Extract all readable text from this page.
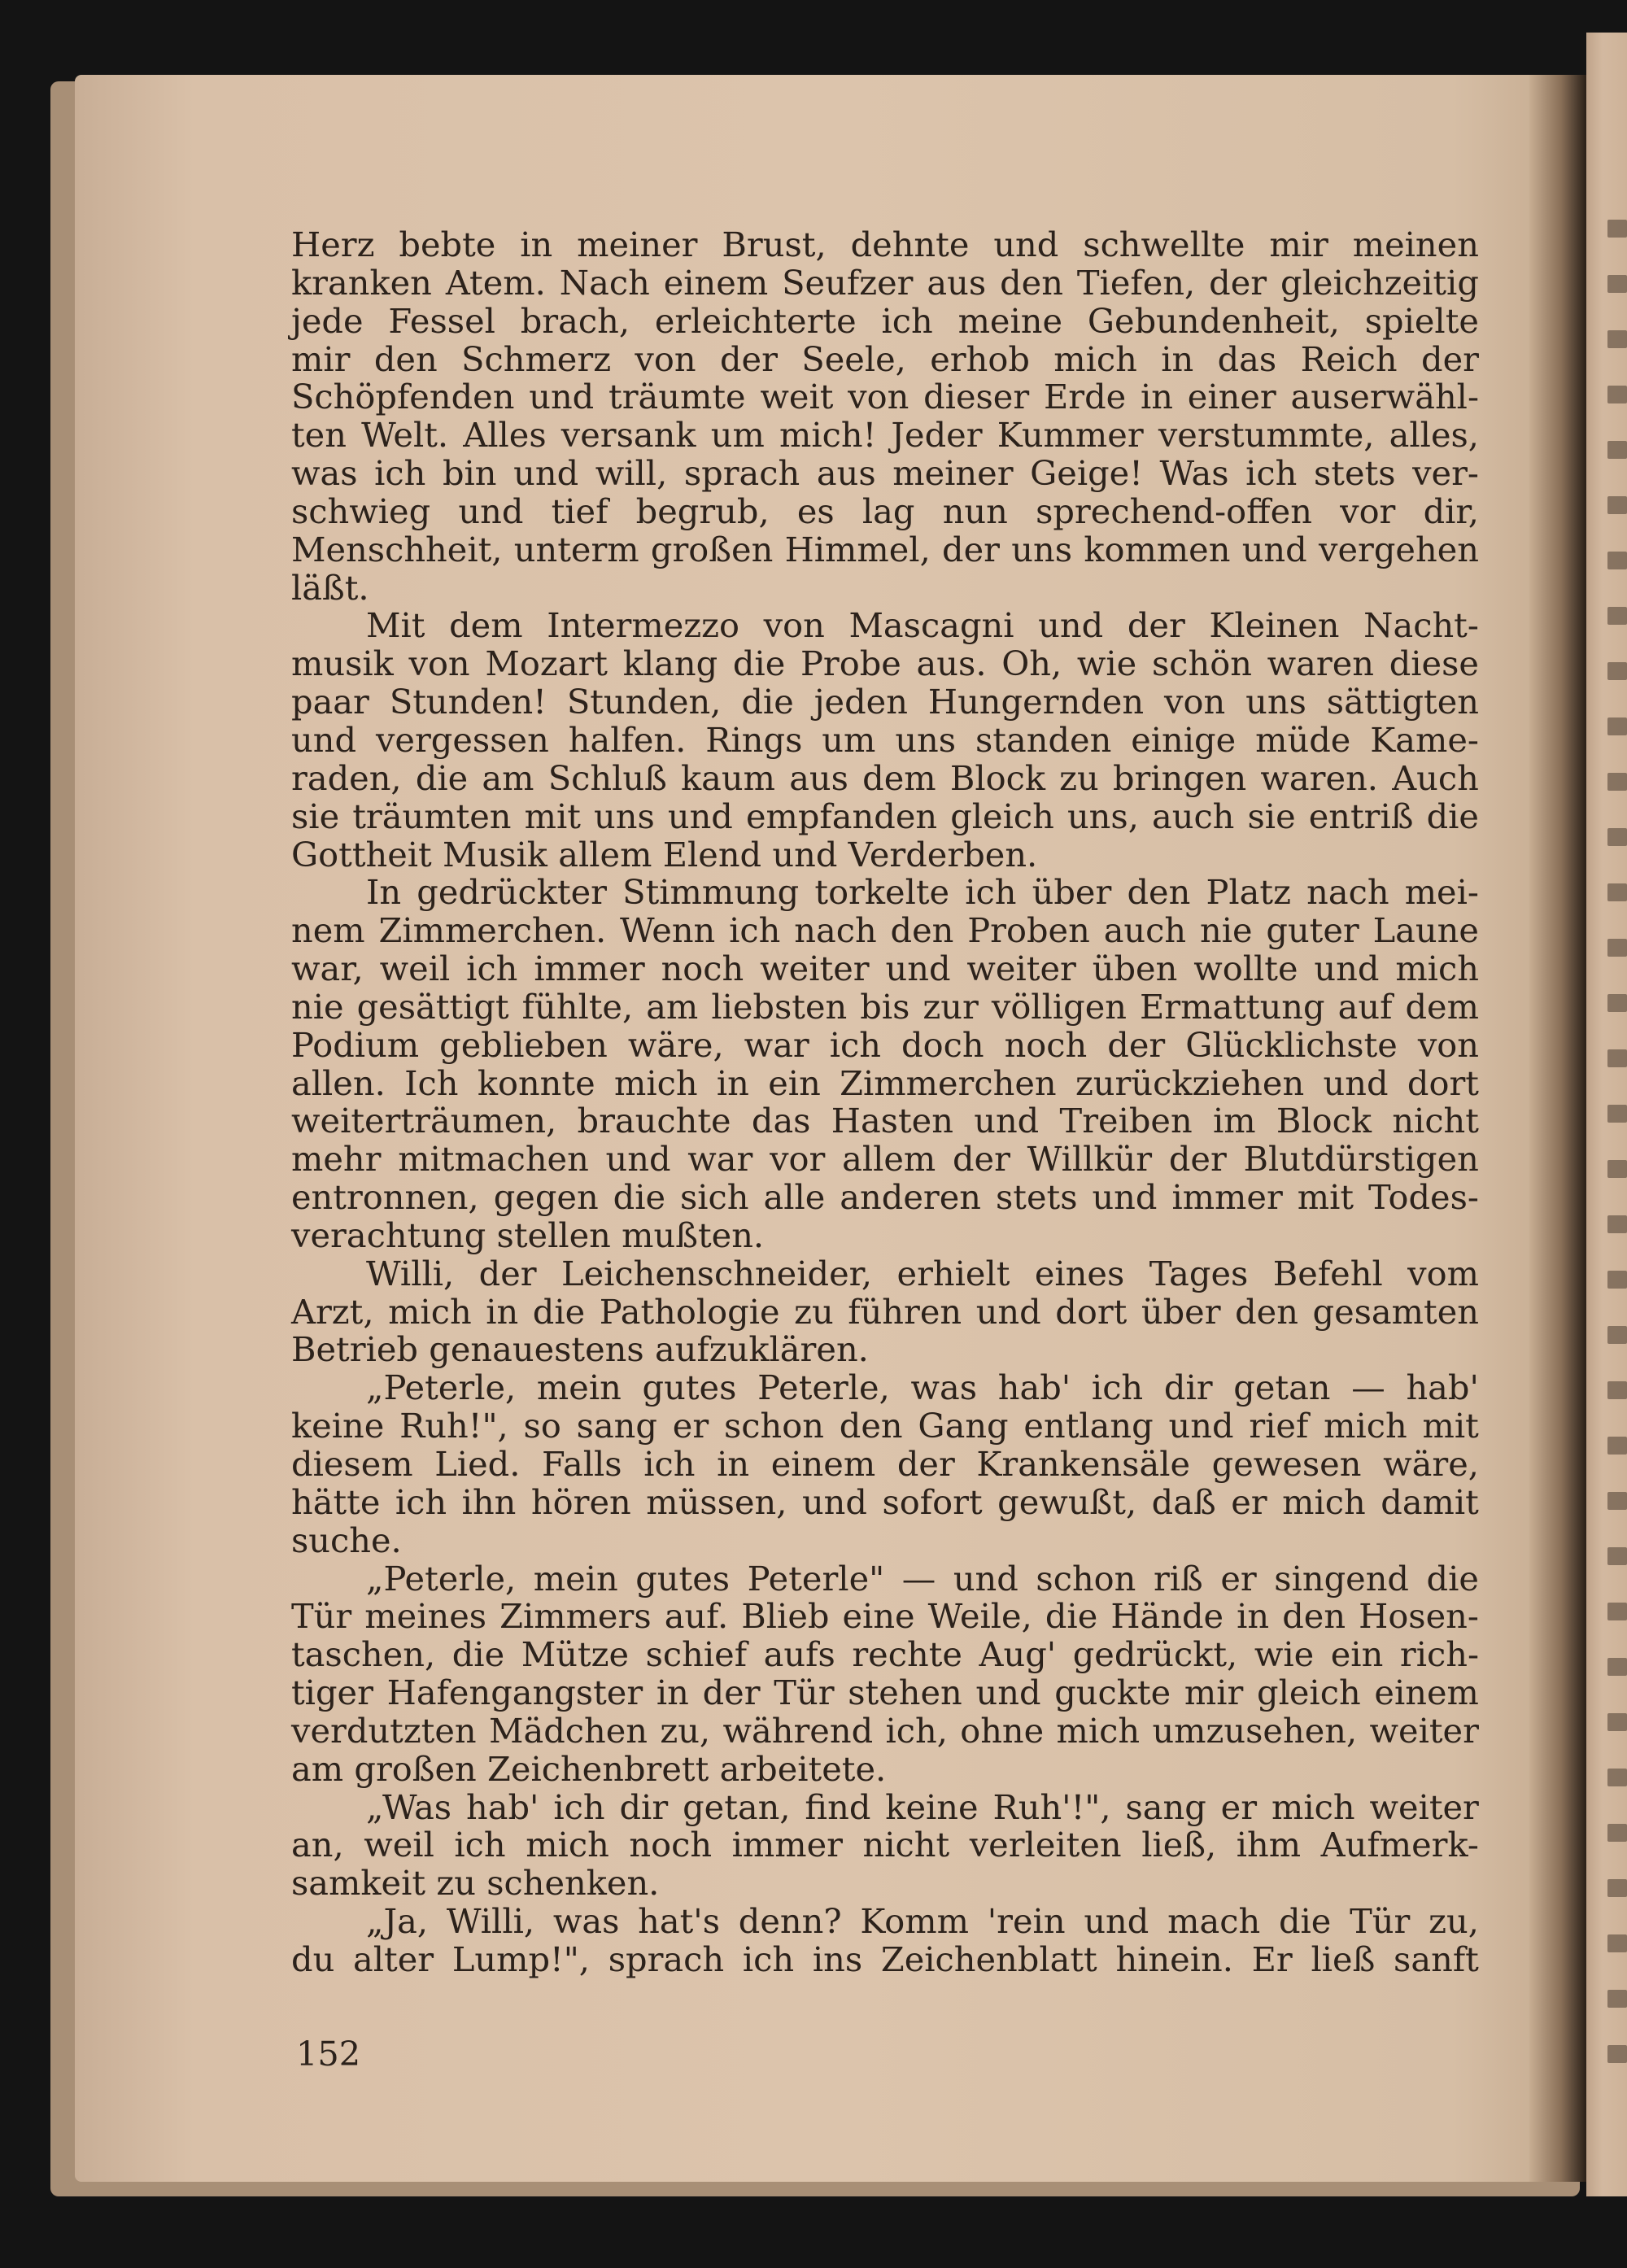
Herz bebte in meiner Brust, dehnte und schwellte mir meinen
kranken Atem. Nach einem Seufzer aus den Tiefen, der gleichzeitig
jede Fessel brach, erleichterte ich meine Gebundenheit, spielte
mir den Schmerz von der Seele, erhob mich in das Reich der
Schöpfenden und träumte weit von dieser Erde in einer auserwähl-
ten Welt. Alles versank um mich! Jeder Kummer verstummte, alles,
was ich bin und will, sprach aus meiner Geige! Was ich stets ver-
schwieg und tief begrub, es lag nun sprechend-offen vor dir,
Menschheit, unterm großen Himmel, der uns kommen und vergehen
läßt.
Mit dem Intermezzo von Mascagni und der Kleinen Nacht-
musik von Mozart klang die Probe aus. Oh, wie schön waren diese
paar Stunden! Stunden, die jeden Hungernden von uns sättigten
und vergessen halfen. Rings um uns standen einige müde Kame-
raden, die am Schluß kaum aus dem Block zu bringen waren. Auch
sie träumten mit uns und empfanden gleich uns, auch sie entriß die
Gottheit Musik allem Elend und Verderben.
In gedrückter Stimmung torkelte ich über den Platz nach mei-
nem Zimmerchen. Wenn ich nach den Proben auch nie guter Laune
war, weil ich immer noch weiter und weiter üben wollte und mich
nie gesättigt fühlte, am liebsten bis zur völligen Ermattung auf dem
Podium geblieben wäre, war ich doch noch der Glücklichste von
allen. Ich konnte mich in ein Zimmerchen zurückziehen und dort
weiterträumen, brauchte das Hasten und Treiben im Block nicht
mehr mitmachen und war vor allem der Willkür der Blutdürstigen
entronnen, gegen die sich alle anderen stets und immer mit Todes-
verachtung stellen mußten.
Willi, der Leichenschneider, erhielt eines Tages Befehl vom
Arzt, mich in die Pathologie zu führen und dort über den gesamten
Betrieb genauestens aufzuklären.
„Peterle, mein gutes Peterle, was hab' ich dir getan — hab'
keine Ruh!", so sang er schon den Gang entlang und rief mich mit
diesem Lied. Falls ich in einem der Krankensäle gewesen wäre,
hätte ich ihn hören müssen, und sofort gewußt, daß er mich damit
suche.
„Peterle, mein gutes Peterle" — und schon riß er singend die
Tür meines Zimmers auf. Blieb eine Weile, die Hände in den Hosen-
taschen, die Mütze schief aufs rechte Aug' gedrückt, wie ein rich-
tiger Hafengangster in der Tür stehen und guckte mir gleich einem
verdutzten Mädchen zu, während ich, ohne mich umzusehen, weiter
am großen Zeichenbrett arbeitete.
„Was hab' ich dir getan, find keine Ruh'!", sang er mich weiter
an, weil ich mich noch immer nicht verleiten ließ, ihm Aufmerk-
samkeit zu schenken.
„Ja, Willi, was hat's denn? Komm 'rein und mach die Tür zu,
du alter Lump!", sprach ich ins Zeichenblatt hinein. Er ließ sanft
152
